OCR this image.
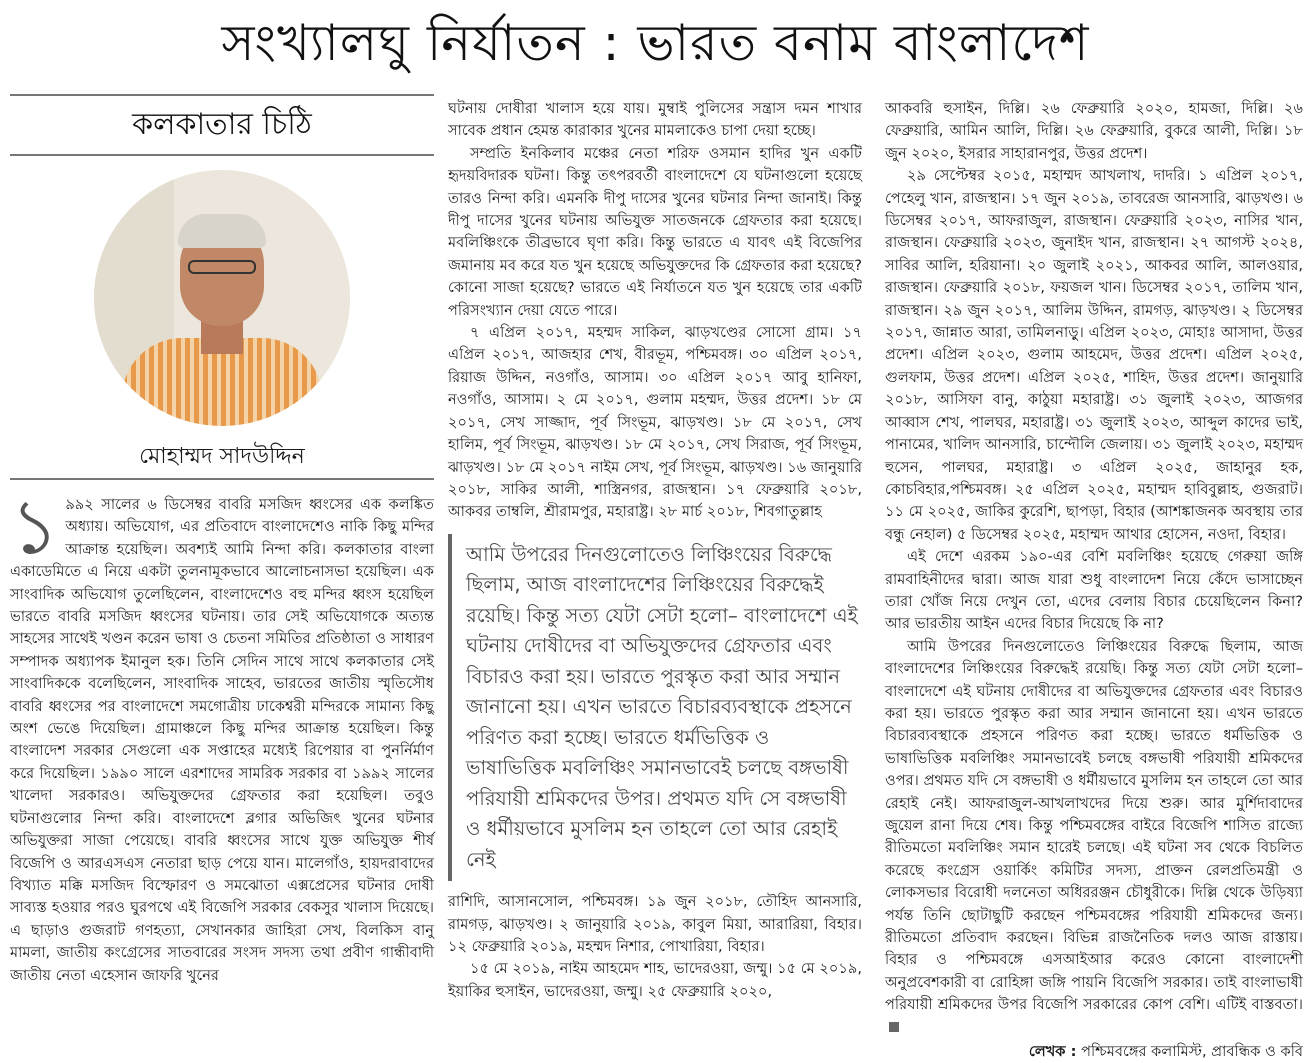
সংখ্যালঘু নির্যাতন : ভারত বনাম বাংলাদেশ
কলকাতার চিঠি
মোহাম্মদ সাদউদ্দিন

১ ৯৯২ সালের ৬ ডিসেম্বর বাবরি মসজিদ ধ্বংসের এক কলঙ্কিত অধ্যায়। অভিযোগ, এর প্রতিবাদে বাংলাদেশেও নাকি কিছু মন্দির আক্রান্ত হয়েছিল। অবশ্যই আমি নিন্দা করি। কলকাতার বাংলা একাডেমিতে এ নিয়ে একটা তুলনামূকভাবে আলোচনাসভা হয়েছিল। এক সাংবাদিক অভিযোগ তুলেছিলেন, বাংলাদেশেও বহু মন্দির ধ্বংস হয়েছিল ভারতে বাবরি মসজিদ ধ্বংসের ঘটনায়। তার সেই অভিযোগকে অত্যন্ত সাহসের সাথেই খণ্ডন করেন ভাষা ও চেতনা সমিতির প্রতিষ্ঠাতা ও সাধারণ সম্পাদক অধ্যাপক ইমানুল হক। তিনি সেদিন সাথে সাথে কলকাতার সেই সাংবাদিককে বলেছিলেন, সাংবাদিক সাহেব, ভারতের জাতীয় স্মৃতিসৌধ বাবরি ধ্বংসের পর বাংলাদেশে সমগোত্রীয় ঢাকেশ্বরী মন্দিরকে সামান্য কিছু অংশ ভেঙে দিয়েছিল। গ্রামাঞ্চলে কিছু মন্দির আক্রান্ত হয়েছিল। কিন্তু বাংলাদেশ সরকার সেগুলো এক সপ্তাহের মধ্যেই রিপেয়ার বা পুনর্নির্মাণ করে দিয়েছিল। ১৯৯০ সালে এরশাদের সামরিক সরকার বা ১৯৯২ সালের খালেদা সরকারও। অভিযুক্তদের গ্রেফতার করা হয়েছিল। তবুও ঘটনাগুলোর নিন্দা করি। বাংলাদেশে ব্লগার অভিজিৎ খুনের ঘটনার অভিযুক্তরা সাজা পেয়েছে। বাবরি ধ্বংসের সাথে যুক্ত অভিযুক্ত শীর্ষ বিজেপি ও আরএসএস নেতারা ছাড় পেয়ে যান। মালেগাঁও, হায়দরাবাদের বিখ্যাত মক্কি মসজিদ বিস্ফোরণ ও সমঝোতা এক্সপ্রেসের ঘটনার দোষী সাব্যস্ত হওয়ার পরও ঘুরপথে এই বিজেপি সরকার বেকসুর খালাস দিয়েছে। এ ছাড়াও গুজরাট গণহত্যা, সেখানকার জাহিরা সেখ, বিলকিস বানু মামলা, জাতীয় কংগ্রেসের সাতবারের সংসদ সদস্য তথা প্রবীণ গান্ধীবাদী জাতীয় নেতা এহেসান জাফরি খুনের

ঘটনায় দোষীরা খালাস হয়ে যায়। মুম্বাই পুলিসের সন্ত্রাস দমন শাখার সাবেক প্রধান হেমন্ত কারাকার খুনের মামলাকেও চাপা দেয়া হচ্ছে।

সম্প্রতি ইনকিলাব মঞ্চের নেতা শরিফ ওসমান হাদির খুন একটি হৃদয়বিদারক ঘটনা। কিন্তু তৎপরবর্তী বাংলাদেশে যে ঘটনাগুলো হয়েছে তারও নিন্দা করি। এমনকি দীপু দাসের খুনের ঘটনার নিন্দা জানাই। কিন্তু দীপু দাসের খুনের ঘটনায় অভিযুক্ত সাতজনকে গ্রেফতার করা হয়েছে। মবলিঞ্চিংকে তীব্রভাবে ঘৃণা করি। কিন্তু ভারতে এ যাবৎ এই বিজেপির জমানায় মব করে যত খুন হয়েছে অভিযুক্তদের কি গ্রেফতার করা হয়েছে? কোনো সাজা হয়েছে? ভারতে এই নির্যাতনে যত খুন হয়েছে তার একটি পরিসংখ্যান দেয়া যেতে পারে।

৭ এপ্রিল ২০১৭, মহম্মদ সাকিল, ঝাড়খণ্ডের সোসো গ্রাম। ১৭ এপ্রিল ২০১৭, আজহার শেখ, বীরভূম, পশ্চিমবঙ্গ। ৩০ এপ্রিল ২০১৭, রিয়াজ উদ্দিন, নওগাঁও, আসাম। ৩০ এপ্রিল ২০১৭ আবু হানিফা, নওগাঁও, আসাম। ২ মে ২০১৭, গুলাম মহম্মদ, উত্তর প্রদেশ। ১৮ মে ২০১৭, সেখ সাজ্জাদ, পূর্ব সিংভূম, ঝাড়খণ্ড। ১৮ মে ২০১৭, সেখ হালিম, পূর্ব সিংভূম, ঝাড়খণ্ড। ১৮ মে ২০১৭, সেখ সিরাজ, পূর্ব সিংভূম, ঝাড়খণ্ড। ১৮ মে ২০১৭ নাইম সেখ, পূর্ব সিংভূম, ঝাড়খণ্ড। ১৬ জানুয়ারি ২০১৮, সাকির আলী, শাস্ত্রিনগর, রাজস্থান। ১৭ ফেব্রুয়ারি ২০১৮, আকবর তাম্বলি, শ্রীরামপুর, মহারাষ্ট্র। ২৮ মার্চ ২০১৮, শিবগাতুল্লাহ

আমি উপরের দিনগুলোতেও লিঞ্চিংয়ের বিরুদ্ধে ছিলাম, আজ বাংলাদেশের লিঞ্চিংয়ের বিরুদ্ধেই রয়েছি। কিন্তু সত্য যেটা সেটা হলো– বাংলাদেশে এই ঘটনায় দোষীদের বা অভিযুক্তদের গ্রেফতার এবং বিচারও করা হয়। ভারতে পুরস্কৃত করা আর সম্মান জানানো হয়। এখন ভারতে বিচারব্যবস্থাকে প্রহসনে পরিণত করা হচ্ছে। ভারতে ধর্মভিত্তিক ও ভাষাভিত্তিক মবলিঞ্চিং সমানভাবেই চলছে বঙ্গভাষী পরিযায়ী শ্রমিকদের উপর। প্রথমত যদি সে বঙ্গভাষী ও ধর্মীয়ভাবে মুসলিম হন তাহলে তো আর রেহাই নেই

রাশিদি, আসানসোল, পশ্চিমবঙ্গ। ১৯ জুন ২০১৮, তৌহিদ আনসারি, রামগড়, ঝাড়খণ্ড। ২ জানুয়ারি ২০১৯, কাবুল মিয়া, আরারিয়া, বিহার। ১২ ফেব্রুয়ারি ২০১৯, মহম্মদ নিশার, পোখারিয়া, বিহার।

১৫ মে ২০১৯, নাইম আহমেদ শাহ, ভাদেরওয়া, জম্মু। ১৫ মে ২০১৯, ইয়াকির হুসাইন, ভাদেরওয়া, জম্মু। ২৫ ফেব্রুয়ারি ২০২০,

আকবরি হুসাইন, দিল্লি। ২৬ ফেব্রুয়ারি ২০২০, হামজা, দিল্লি। ২৬ ফেব্রুয়ারি, আমিন আলি, দিল্লি। ২৬ ফেব্রুয়ারি, বুকরে আলী, দিল্লি। ১৮ জুন ২০২০, ইসরার সাহারানপুর, উত্তর প্রদেশ।

২৯ সেপ্টেম্বর ২০১৫, মহাম্মদ আখলাখ, দাদরি। ১ এপ্রিল ২০১৭, পেহেলু খান, রাজস্থান। ১৭ জুন ২০১৯, তাবরেজ আনসারি, ঝাড়খণ্ড। ৬ ডিসেম্বর ২০১৭, আফরাজুল, রাজস্থান। ফেব্রুয়ারি ২০২৩, নাসির খান, রাজস্থান। ফেব্রুয়ারি ২০২৩, জুনাইদ খান, রাজস্থান। ২৭ আগস্ট ২০২৪, সাবির আলি, হরিয়ানা। ২০ জুলাই ২০২১, আকবর আলি, আলওয়ার, রাজস্থান। ফেব্রুয়ারি ২০১৮, ফয়জল খান। ডিসেম্বর ২০১৭, তালিম খান, রাজস্থান। ২৯ জুন ২০১৭, আলিম উদ্দিন, রামগড়, ঝাড়খণ্ড। ২ ডিসেম্বর ২০১৭, জান্নাত আরা, তামিলনাড়ু। এপ্রিল ২০২৩, মোহাঃ আসাদা, উত্তর প্রদেশ। এপ্রিল ২০২৩, গুলাম আহমেদ, উত্তর প্রদেশ। এপ্রিল ২০২৫, গুলফাম, উত্তর প্রদেশ। এপ্রিল ২০২৫, শাহিদ, উত্তর প্রদেশ। জানুয়ারি ২০১৮, আসিফা বানু, কাঠুয়া মহারাষ্ট্র। ৩১ জুলাই ২০২৩, আজগর আব্বাস শেখ, পালঘর, মহারাষ্ট্র। ৩১ জুলাই ২০২৩, আব্দুল কাদের ভাই, পানামের, খালিদ আনসারি, চান্দৌলি জেলায়। ৩১ জুলাই ২০২৩, মহাম্মদ হুসেন, পালঘর, মহারাষ্ট্র। ৩ এপ্রিল ২০২৫, জাহানুর হক, কোচবিহার,পশ্চিমবঙ্গ। ২৫ এপ্রিল ২০২৫, মহাম্মদ হাবিবুল্লাহ, গুজরাট। ১১ মে ২০২৫, জাকির কুরেশি, ছাপড়া, বিহার (আশঙ্কাজনক অবস্থায় তার বন্ধু নেহাল) ৫ ডিসেম্বর ২০২৫, মহাম্মদ আথার হোসেন, নওদা, বিহার।

এই দেশে এরকম ১৯০-এর বেশি মবলিঞ্চিং হয়েছে গেরুয়া জঙ্গি রামবাহিনীদের দ্বারা। আজ যারা শুধু বাংলাদেশ নিয়ে কেঁদে ভাসাচ্ছেন তারা খোঁজ নিয়ে দেখুন তো, এদের বেলায় বিচার চেয়েছিলেন কিনা? আর ভারতীয় আইন এদের বিচার দিয়েছে কি না?

আমি উপরের দিনগুলোতেও লিঞ্চিংয়ের বিরুদ্ধে ছিলাম, আজ বাংলাদেশের লিঞ্চিংয়ের বিরুদ্ধেই রয়েছি। কিন্তু সত্য যেটা সেটা হলো– বাংলাদেশে এই ঘটনায় দোষীদের বা অভিযুক্তদের গ্রেফতার এবং বিচারও করা হয়। ভারতে পুরস্কৃত করা আর সম্মান জানানো হয়। এখন ভারতে বিচারব্যবস্থাকে প্রহসনে পরিণত করা হচ্ছে। ভারতে ধর্মভিত্তিক ও ভাষাভিত্তিক মবলিঞ্চিং সমানভাবেই চলছে বঙ্গভাষী পরিযায়ী শ্রমিকদের ওপর। প্রথমত যদি সে বঙ্গভাষী ও ধর্মীয়ভাবে মুসলিম হন তাহলে তো আর রেহাই নেই। আফরাজুল-আখলাখদের দিয়ে শুরু। আর মুর্শিদাবাদের জুয়েল রানা দিয়ে শেষ। কিন্তু পশ্চিমবঙ্গের বাইরে বিজেপি শাসিত রাজ্যে রীতিমতো মবলিঞ্চিং সমান হারেই চলছে। এই ঘটনা সব থেকে বিচলিত করেছে কংগ্রেস ওয়ার্কিং কমিটির সদস্য, প্রাক্তন রেলপ্রতিমন্ত্রী ও লোকসভার বিরোধী দলনেতা অধিররঞ্জন চৌধুরীকে। দিল্লি থেকে উড়িষ্যা পর্যন্ত তিনি ছোটাছুটি করছেন পশ্চিমবঙ্গের পরিযায়ী শ্রমিকদের জন্য। রীতিমতো প্রতিবাদ করছেন। বিভিন্ন রাজনৈতিক দলও আজ রাস্তায়। বিহার ও পশ্চিমবঙ্গে এসআইআর করেও কোনো বাংলাদেশী অনুপ্রবেশকারী বা রোহিঙ্গা জঙ্গি পায়নি বিজেপি সরকার। তাই বাংলাভাষী পরিযায়ী শ্রমিকদের উপর বিজেপি সরকারের কোপ বেশি। এটিই বাস্তবতা।

লেখক : পশ্চিমবঙ্গের কলামিস্ট, প্রাবন্ধিক ও কবি
